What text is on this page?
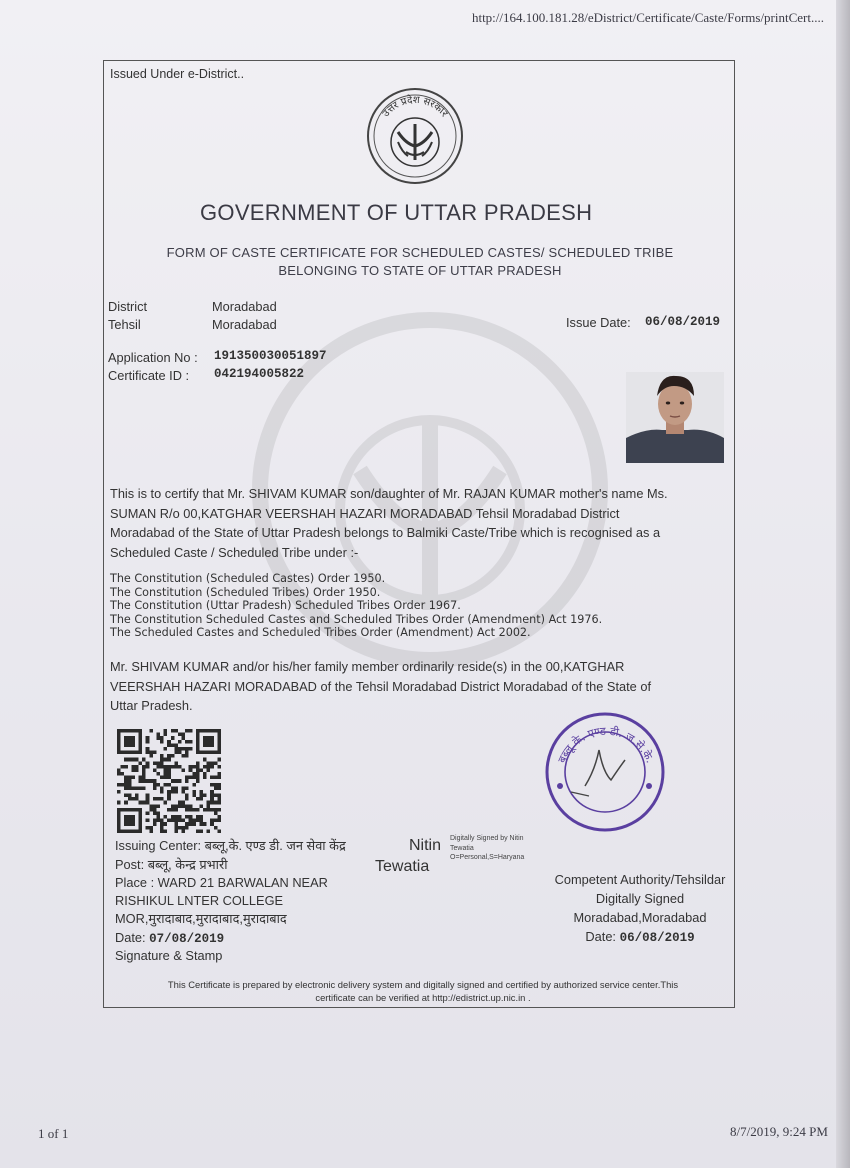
http://164.100.181.28/eDistrict/Certificate/Caste/Forms/printCert....
Issued Under e-District..
उत्तर प्रदेश सरकार
GOVERNMENT OF UTTAR PRADESH
FORM OF CASTE CERTIFICATE FOR SCHEDULED CASTES/ SCHEDULED TRIBE
BELONGING TO STATE OF UTTAR PRADESH
District	Moradabad
Tehsil	Moradabad	Issue Date: 06/08/2019
Application No : 191350030051897
Certificate ID : 042194005822
This is to certify that Mr. SHIVAM KUMAR son/daughter of Mr. RAJAN KUMAR mother's name Ms.
SUMAN R/o 00,KATGHAR VEERSHAH HAZARI MORADABAD Tehsil Moradabad District
Moradabad of the State of Uttar Pradesh belongs to Balmiki Caste/Tribe which is recognised as a
Scheduled Caste / Scheduled Tribe under :-
The Constitution (Scheduled Castes) Order 1950.
The Constitution (Scheduled Tribes) Order 1950.
The Constitution (Uttar Pradesh) Scheduled Tribes Order 1967.
The Constitution Scheduled Castes and Scheduled Tribes Order (Amendment) Act 1976.
The Scheduled Castes and Scheduled Tribes Order (Amendment) Act 2002.
Mr. SHIVAM KUMAR and/or his/her family member ordinarily reside(s) in the 00,KATGHAR
VEERSHAH HAZARI MORADABAD of the Tehsil Moradabad District Moradabad of the State of
Uttar Pradesh.
बब्लू के. एण्ड डी. ज.से.के.
Issuing Center: बब्लू,के. एण्ड डी. जन सेवा केंद्र
Post: बब्लू, केन्द्र प्रभारी
Place : WARD 21 BARWALAN NEAR
RISHIKUL LNTER COLLEGE
MOR,मुरादाबाद,मुरादाबाद,मुरादाबाद
Date: 07/08/2019
Signature & Stamp
Nitin
Tewatia
Digitally Signed by Nitin
Tewatia
O=Personal,S=Haryana
Competent Authority/Tehsildar
Digitally Signed
Moradabad,Moradabad
Date: 06/08/2019
This Certificate is prepared by electronic delivery system and digitally signed and certified by authorized service center.This
certificate can be verified at http://edistrict.up.nic.in .
1 of 1	8/7/2019, 9:24 PM
